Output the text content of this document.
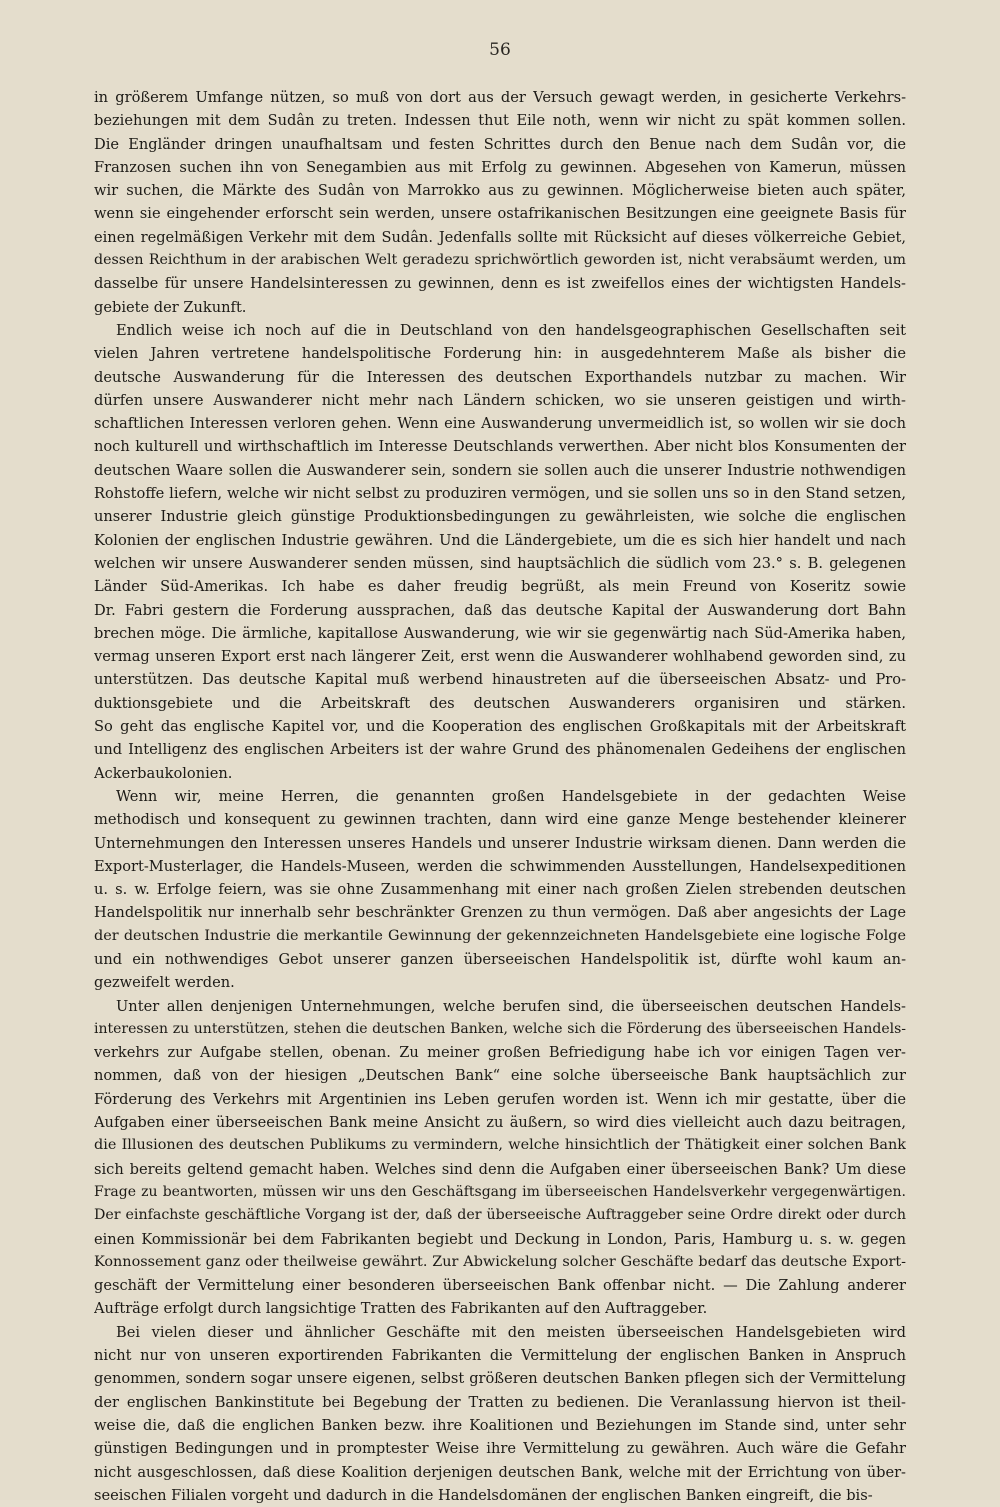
56
in größerem Umfange nützen, so muß von dort aus der Versuch gewagt werden, in gesicherte Verkehrs-
beziehungen mit dem Sudân zu treten. Indessen thut Eile noth, wenn wir nicht zu spät kommen sollen.
Die Engländer dringen unaufhaltsam und festen Schrittes durch den Benue nach dem Sudân vor, die
Franzosen suchen ihn von Senegambien aus mit Erfolg zu gewinnen. Abgesehen von Kamerun, müssen
wir suchen, die Märkte des Sudân von Marrokko aus zu gewinnen. Möglicherweise bieten auch später,
wenn sie eingehender erforscht sein werden, unsere ostafrikanischen Besitzungen eine geeignete Basis für
einen regelmäßigen Verkehr mit dem Sudân. Jedenfalls sollte mit Rücksicht auf dieses völkerreiche Gebiet,
dessen Reichthum in der arabischen Welt geradezu sprichwörtlich geworden ist, nicht verabsäumt werden, um
dasselbe für unsere Handelsinteressen zu gewinnen, denn es ist zweifellos eines der wichtigsten Handels-
gebiete der Zukunft.
Endlich weise ich noch auf die in Deutschland von den handelsgeographischen Gesellschaften seit
vielen Jahren vertretene handelspolitische Forderung hin: in ausgedehnterem Maße als bisher die
deutsche Auswanderung für die Interessen des deutschen Exporthandels nutzbar zu machen. Wir
dürfen unsere Auswanderer nicht mehr nach Ländern schicken, wo sie unseren geistigen und wirth-
schaftlichen Interessen verloren gehen. Wenn eine Auswanderung unvermeidlich ist, so wollen wir sie doch
noch kulturell und wirthschaftlich im Interesse Deutschlands verwerthen. Aber nicht blos Konsumenten der
deutschen Waare sollen die Auswanderer sein, sondern sie sollen auch die unserer Industrie nothwendigen
Rohstoffe liefern, welche wir nicht selbst zu produziren vermögen, und sie sollen uns so in den Stand setzen,
unserer Industrie gleich günstige Produktionsbedingungen zu gewährleisten, wie solche die englischen
Kolonien der englischen Industrie gewähren. Und die Ländergebiete, um die es sich hier handelt und nach
welchen wir unsere Auswanderer senden müssen, sind hauptsächlich die südlich vom 23.° s. B. gelegenen
Länder Süd-Amerikas. Ich habe es daher freudig begrüßt, als mein Freund von Koseritz sowie
Dr. Fabri gestern die Forderung aussprachen, daß das deutsche Kapital der Auswanderung dort Bahn
brechen möge. Die ärmliche, kapitallose Auswanderung, wie wir sie gegenwärtig nach Süd-Amerika haben,
vermag unseren Export erst nach längerer Zeit, erst wenn die Auswanderer wohlhabend geworden sind, zu
unterstützen. Das deutsche Kapital muß werbend hinaustreten auf die überseeischen Absatz- und Pro-
duktionsgebiete und die Arbeitskraft des deutschen Auswanderers organisiren und stärken.
So geht das englische Kapitel vor, und die Kooperation des englischen Großkapitals mit der Arbeitskraft
und Intelligenz des englischen Arbeiters ist der wahre Grund des phänomenalen Gedeihens der englischen
Ackerbaukolonien.
Wenn wir, meine Herren, die genannten großen Handelsgebiete in der gedachten Weise
methodisch und konsequent zu gewinnen trachten, dann wird eine ganze Menge bestehender kleinerer
Unternehmungen den Interessen unseres Handels und unserer Industrie wirksam dienen. Dann werden die
Export-Musterlager, die Handels-Museen, werden die schwimmenden Ausstellungen, Handelsexpeditionen
u. s. w. Erfolge feiern, was sie ohne Zusammenhang mit einer nach großen Zielen strebenden deutschen
Handelspolitik nur innerhalb sehr beschränkter Grenzen zu thun vermögen. Daß aber angesichts der Lage
der deutschen Industrie die merkantile Gewinnung der gekennzeichneten Handelsgebiete eine logische Folge
und ein nothwendiges Gebot unserer ganzen überseeischen Handelspolitik ist, dürfte wohl kaum an-
gezweifelt werden.
Unter allen denjenigen Unternehmungen, welche berufen sind, die überseeischen deutschen Handels-
interessen zu unterstützen, stehen die deutschen Banken, welche sich die Förderung des überseeischen Handels-
verkehrs zur Aufgabe stellen, obenan. Zu meiner großen Befriedigung habe ich vor einigen Tagen ver-
nommen, daß von der hiesigen „Deutschen Bank“ eine solche überseeische Bank hauptsächlich zur
Förderung des Verkehrs mit Argentinien ins Leben gerufen worden ist. Wenn ich mir gestatte, über die
Aufgaben einer überseeischen Bank meine Ansicht zu äußern, so wird dies vielleicht auch dazu beitragen,
die Illusionen des deutschen Publikums zu vermindern, welche hinsichtlich der Thätigkeit einer solchen Bank
sich bereits geltend gemacht haben. Welches sind denn die Aufgaben einer überseeischen Bank? Um diese
Frage zu beantworten, müssen wir uns den Geschäftsgang im überseeischen Handelsverkehr vergegenwärtigen.
Der einfachste geschäftliche Vorgang ist der, daß der überseeische Auftraggeber seine Ordre direkt oder durch
einen Kommissionär bei dem Fabrikanten begiebt und Deckung in London, Paris, Hamburg u. s. w. gegen
Konnossement ganz oder theilweise gewährt. Zur Abwickelung solcher Geschäfte bedarf das deutsche Export-
geschäft der Vermittelung einer besonderen überseeischen Bank offenbar nicht. — Die Zahlung anderer
Aufträge erfolgt durch langsichtige Tratten des Fabrikanten auf den Auftraggeber.
Bei vielen dieser und ähnlicher Geschäfte mit den meisten überseeischen Handelsgebieten wird
nicht nur von unseren exportirenden Fabrikanten die Vermittelung der englischen Banken in Anspruch
genommen, sondern sogar unsere eigenen, selbst größeren deutschen Banken pflegen sich der Vermittelung
der englischen Bankinstitute bei Begebung der Tratten zu bedienen. Die Veranlassung hiervon ist theil-
weise die, daß die englichen Banken bezw. ihre Koalitionen und Beziehungen im Stande sind, unter sehr
günstigen Bedingungen und in promptester Weise ihre Vermittelung zu gewähren. Auch wäre die Gefahr
nicht ausgeschlossen, daß diese Koalition derjenigen deutschen Bank, welche mit der Errichtung von über-
seeischen Filialen vorgeht und dadurch in die Handelsdomänen der englischen Banken eingreift, die bis-
